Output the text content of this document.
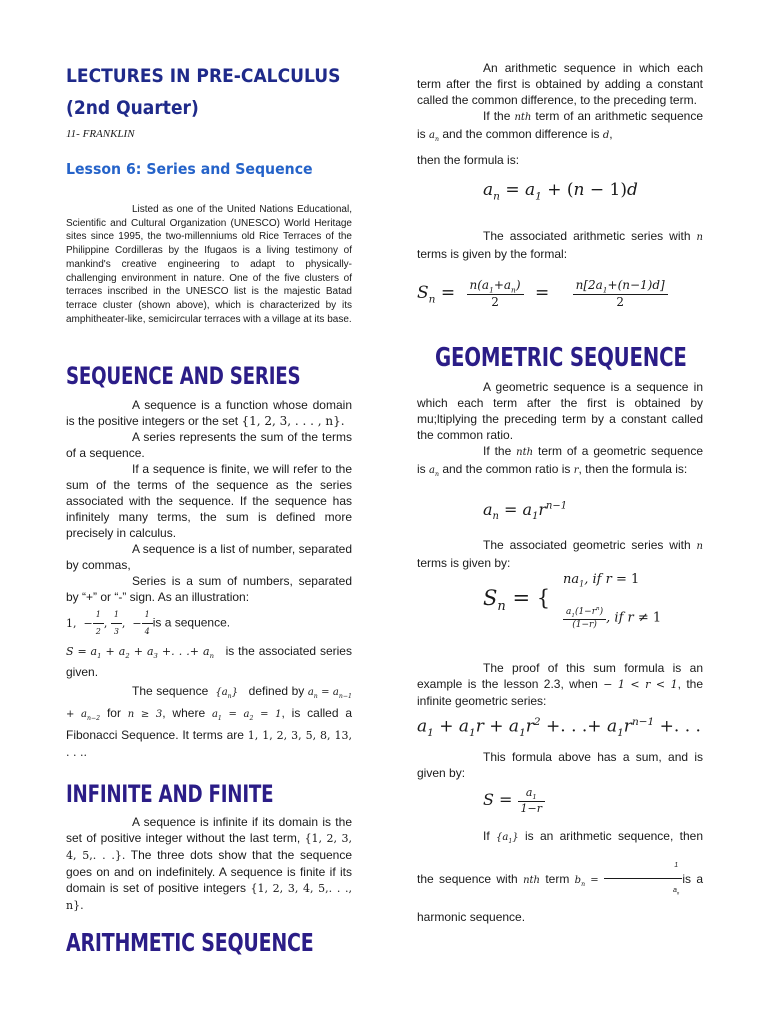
LECTURES IN PRE-CALCULUS
(2nd Quarter)
11- FRANKLIN
Lesson 6: Series and Sequence

Listed as one of the United Nations Educational, Scientific and Cultural Organization (UNESCO) World Heritage sites since 1995, the two-millenniums old Rice Terraces of the Philippine Cordilleras by the Ifugaos is a living testimony of mankind's creative engineering to adapt to physically-challenging environment in nature. One of the five clusters of terraces inscribed in the UNESCO list is the majestic Batad terrace cluster (shown above), which is characterized by its amphitheater-like, semicircular terraces with a village at its base.

SEQUENCE AND SERIES

A sequence is a function whose domain is the positive integers or the set {1, 2, 3, . . . , n}.

A series represents the sum of the terms of a sequence.

If a sequence is finite, we will refer to the sum of the terms of the sequence as the series associated with the sequence. If the sequence has infinitely many terms, the sum is defined more precisely in calculus.

A sequence is a list of number, separated by commas,

Series is a sum of numbers, separated by “+” or “-” sign. As an illustration:

1,  − $\frac{1}{2}$ , $\frac{1}{3}$ ,  − $\frac{1}{4}$ is a sequence.

$S = a_1 + a_2 + a_3$ +. . .+ $a_n$ is the associated series given.

The sequence $\{a_n\}$ defined by $a_n = a_{n-1} + a_{n-2}$ for n ≥ 3, where $a_1 = a_2 = 1$, is called a Fibonacci Sequence. It terms are 1, 1, 2, 3, 5, 8, 13, . . ..

INFINITE AND FINITE

A sequence is infinite if its domain is the set of positive integer without the last term, {1, 2, 3, 4, 5,. . .}. The three dots show that the sequence goes on and on indefinitely. A sequence is finite if its domain is set of positive integers {1, 2, 3, 4, 5,. . ., n}.

ARITHMETIC SEQUENCE

An arithmetic sequence in which each term after the first is obtained by adding a constant called the common difference, to the preceding term.

If the nth term of an arithmetic sequence is $a_n$ and the common difference is d,

then the formula is:

$a_n = a_1 + (n - 1)d$

The associated arithmetic series with n terms is given by the formal:

$S_n = \frac{n(a_1+a_n)}{2} = \frac{n[2a_1+(n-1)d]}{2}$
GEOMETRIC SEQUENCE

A geometric sequence is a sequence in which each term after the first is obtained by mu;ltiplying the preceding term by a constant called the common ratio.

If the nth term of a geometric sequence is $a_n$ and the common ratio is r, then the formula is:

$a_n = a_1r^{n-1}$

The associated geometric series with n terms is given by:

$S_n$ = {
$na_1$, if r = 1
$\frac{a_1(1-r^n)}{(1-r)}$ , if r ≠ 1

The proof of this sum formula is an example is the lesson 2.3, when − 1 < r < 1, the infinite geometric series:

$a_1 + a_1r + a_1r^2$ +. . .+ $a_1r^{n-1}$ +. . .

This formula above has a sum, and is given by:

$S = \frac{a_1}{1-r}$

If $\{a_1\}$ is an arithmetic sequence, then the sequence with nth term $b_n = \frac{1}{a_n}$ is a harmonic sequence.
